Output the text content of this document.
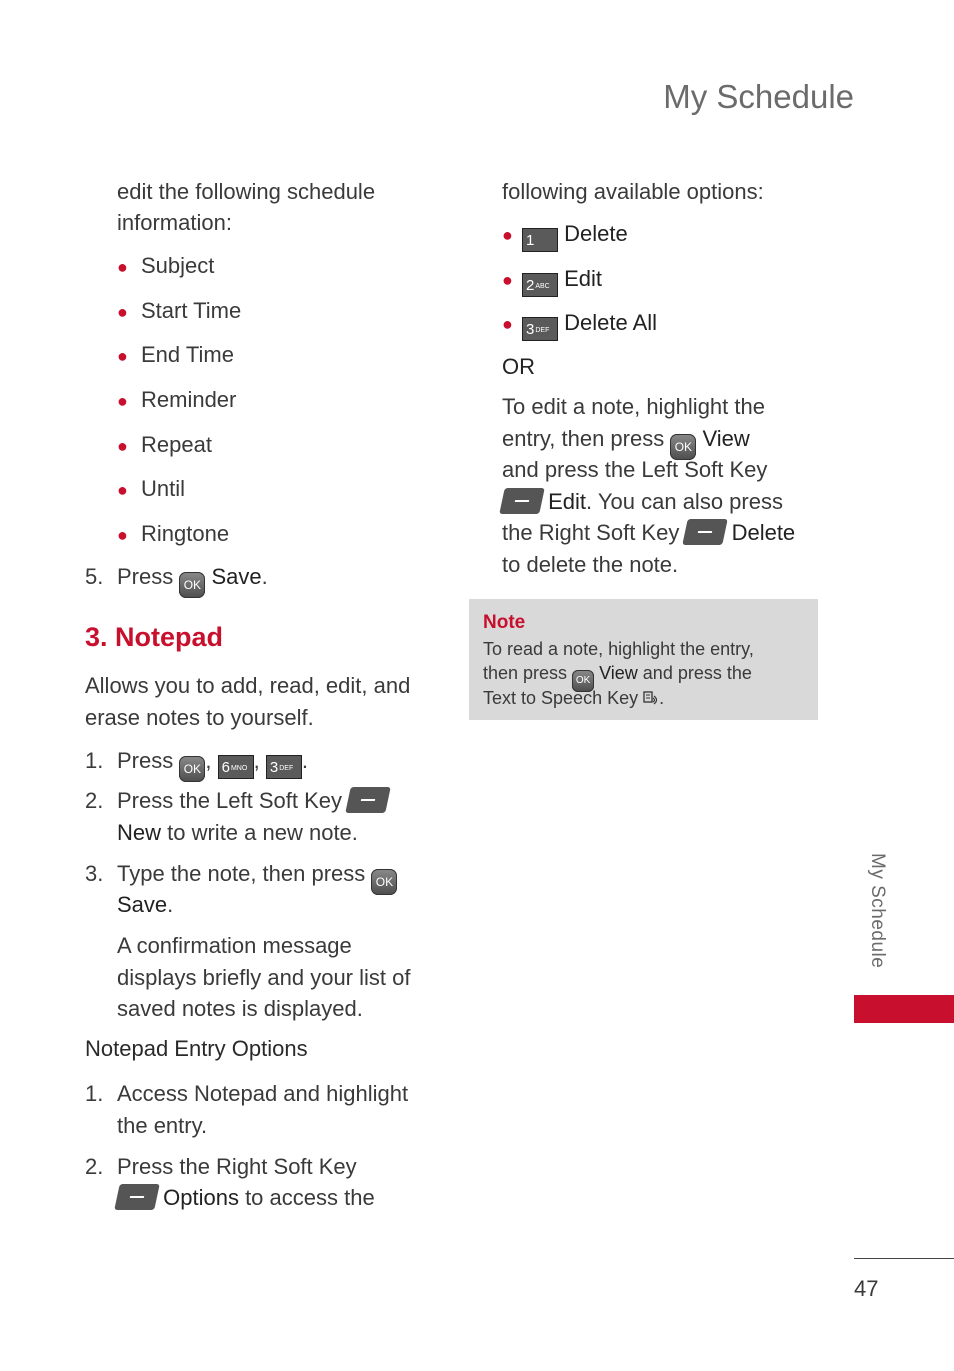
My Schedule
edit the following schedule
information:
● Subject
● Start Time
● End Time
● Reminder
● Repeat
● Until
● Ringtone
5. Press OK Save.
3. Notepad
Allows you to add, read, edit, and
erase notes to yourself.
1. Press OK , $6^{MNO}$ , $3^{DEF}$ .
2. Press the Left Soft Key
New to write a new note.
3. Type the note, then press OK
Save.
A confirmation message
displays briefly and your list of
saved notes is displayed.
Notepad Entry Options
1. Access Notepad and highlight
the entry.
2. Press the Right Soft Key
Options to access the
following available options:
● 1 Delete
● $2^{ABC}$ Edit
● $3^{DEF}$ Delete All
OR
To edit a note, highlight the
entry, then press OK View
and press the Left Soft Key
Edit. You can also press
the Right Soft Key Delete
to delete the note.
Note
To read a note, highlight the entry,
then press OK View and press the
Text to Speech Key .
My Schedule
47
